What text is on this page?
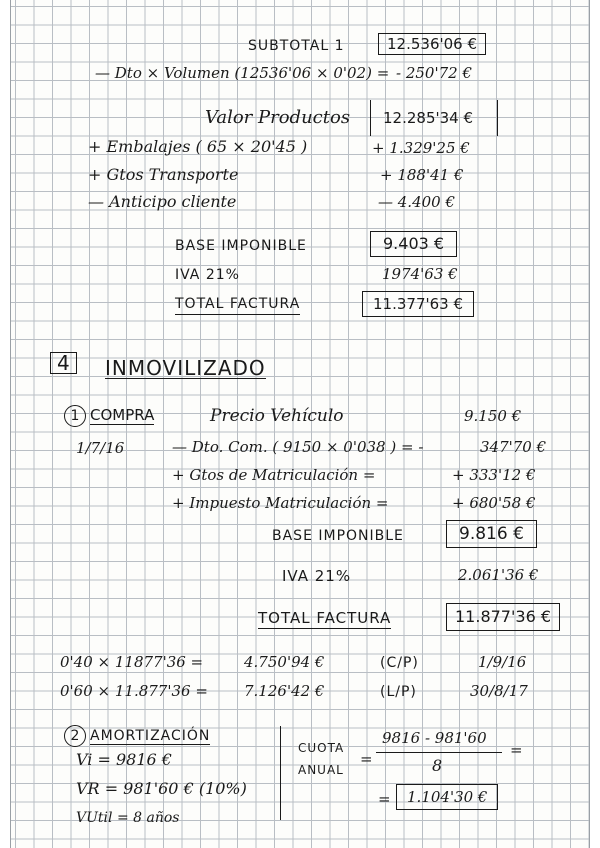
SUBTOTAL 1	12.536'06 €
— Dto × Volumen (12536'06 × 0'02) = - 250'72 €
Valor Productos 12.285'34 €
+ Embalajes ( 65 × 20'45 )	+ 1.329'25 €
+ Gtos Transporte	+ 188'41 €
— Anticipo cliente	— 4.400 €
BASE IMPONIBLE	9.403 €
IVA 21%	1974'63 €
TOTAL FACTURA	11.377'63 €
4	INMOVILIZADO
1 COMPRA	Precio Vehículo	9.150 €
1/7/16	— Dto. Com. ( 9150 × 0'038 ) = -	347'70 €
+ Gtos de Matriculación =	+ 333'12 €
+ Impuesto Matriculación =	+ 680'58 €
BASE IMPONIBLE	9.816 €
IVA 21%	2.061'36 €
TOTAL FACTURA	11.877'36 €
0'40 × 11877'36 =	4.750'94 €	(C/P)	1/9/16
0'60 × 11.877'36 = 7.126'42 €	(L/P)	30/8/17
2 AMORTIZACIÓN
Vi = 9816 €
VR = 981'60 € (10%)
VUtil = 8 años
CUOTA
ANUAL
=
9816 - 981'60
8
=
=	1.104'30 €
